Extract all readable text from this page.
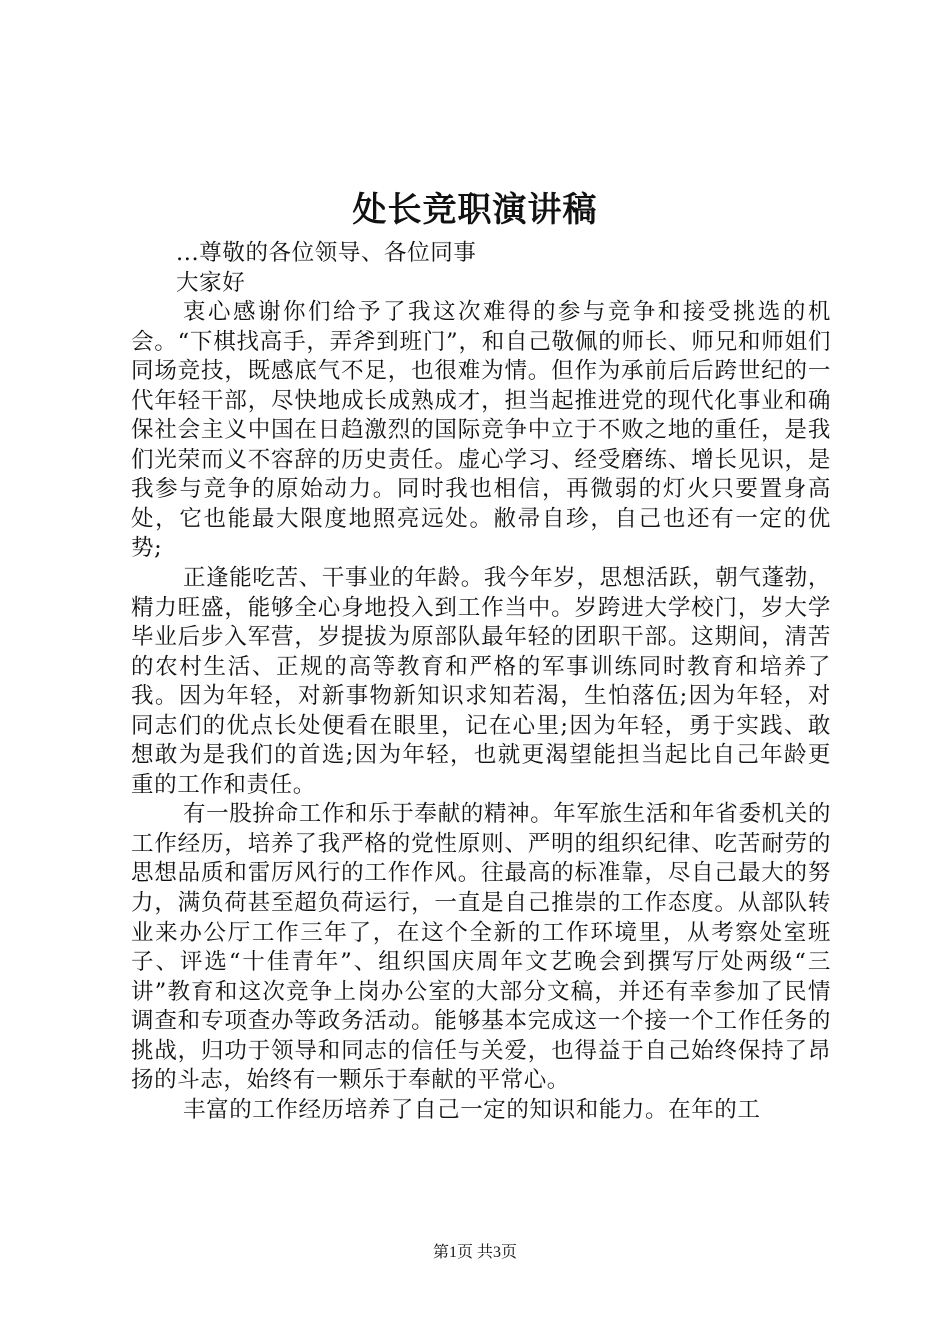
处长竞职演讲稿

...尊敬的各位领导、各位同事

大家好

衷心感谢你们给予了我这次难得的参与竞争和接受挑选的机会。“下棋找高手，弄斧到班门”，和自己敬佩的师长、师兄和师姐们同场竞技，既感底气不足，也很难为情。但作为承前后后跨世纪的一代年轻干部，尽快地成长成熟成才，担当起推进党的现代化事业和确保社会主义中国在日趋激烈的国际竞争中立于不败之地的重任，是我们光荣而义不容辞的历史责任。虚心学习、经受磨练、增长见识，是我参与竞争的原始动力。同时我也相信，再微弱的灯火只要置身高处，它也能最大限度地照亮远处。敝帚自珍，自己也还有一定的优势;

正逢能吃苦、干事业的年龄。我今年岁，思想活跃，朝气蓬勃，精力旺盛，能够全心身地投入到工作当中。岁跨进大学校门，岁大学毕业后步入军营，岁提拔为原部队最年轻的团职干部。这期间，清苦的农村生活、正规的高等教育和严格的军事训练同时教育和培养了我。因为年轻，对新事物新知识求知若渴，生怕落伍;因为年轻，对同志们的优点长处便看在眼里，记在心里;因为年轻，勇于实践、敢想敢为是我们的首选;因为年轻，也就更渴望能担当起比自己年龄更重的工作和责任。

有一股拚命工作和乐于奉献的精神。年军旅生活和年省委机关的工作经历，培养了我严格的党性原则、严明的组织纪律、吃苦耐劳的思想品质和雷厉风行的工作作风。往最高的标准靠，尽自己最大的努力，满负荷甚至超负荷运行，一直是自己推崇的工作态度。从部队转业来办公厅工作三年了，在这个全新的工作环境里，从考察处室班子、评选“十佳青年”、组织国庆周年文艺晚会到撰写厅处两级“三讲”教育和这次竞争上岗办公室的大部分文稿，并还有幸参加了民情调查和专项查办等政务活动。能够基本完成这一个接一个工作任务的挑战，归功于领导和同志的信任与关爱，也得益于自己始终保持了昂扬的斗志，始终有一颗乐于奉献的平常心。

丰富的工作经历培养了自己一定的知识和能力。在年的工

第1页 共3页
